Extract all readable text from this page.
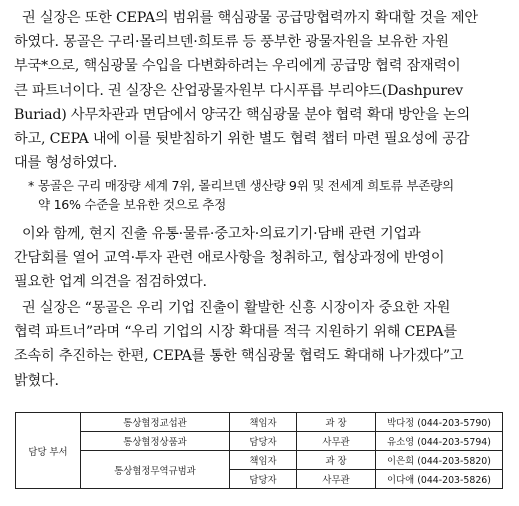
권 실장은 또한 CEPA의 범위를 핵심광물 공급망협력까지 확대할 것을 제안
하였다. 몽골은 구리·몰리브덴·희토류 등 풍부한 광물자원을 보유한 자원
부국*으로, 핵심광물 수입을 다변화하려는 우리에게 공급망 협력 잠재력이
큰 파트너이다. 권 실장은 산업광물자원부 다시푸릅 부리야드(Dashpurev
Buriad) 사무차관과 면담에서 양국간 핵심광물 분야 협력 확대 방안을 논의
하고, CEPA 내에 이를 뒷받침하기 위한 별도 협력 챕터 마련 필요성에 공감
대를 형성하였다.
* 몽골은 구리 매장량 세계 7위, 몰리브덴 생산량 9위 및 전세계 희토류 부존량의
약 16% 수준을 보유한 것으로 추정
이와 함께, 현지 진출 유통·물류·중고차·의료기기·담배 관련 기업과
간담회를 열어 교역·투자 관련 애로사항을 청취하고, 협상과정에 반영이
필요한 업계 의견을 점검하였다.
권 실장은 “몽골은 우리 기업 진출이 활발한 신흥 시장이자 중요한 자원
협력 파트너”라며 “우리 기업의 시장 확대를 적극 지원하기 위해 CEPA를
조속히 추진하는 한편, CEPA를 통한 핵심광물 협력도 확대해 나가겠다”고
밝혔다.
담당 부서	통상협정교섭관	책임자	과 장	박다정 (044-203-5790)
	통상협정상품과	담당자	사무관	유소영 (044-203-5794)
	통상협정무역규범과	책임자	과 장	이은희 (044-203-5820)
		담당자	사무관	이다애 (044-203-5826)
